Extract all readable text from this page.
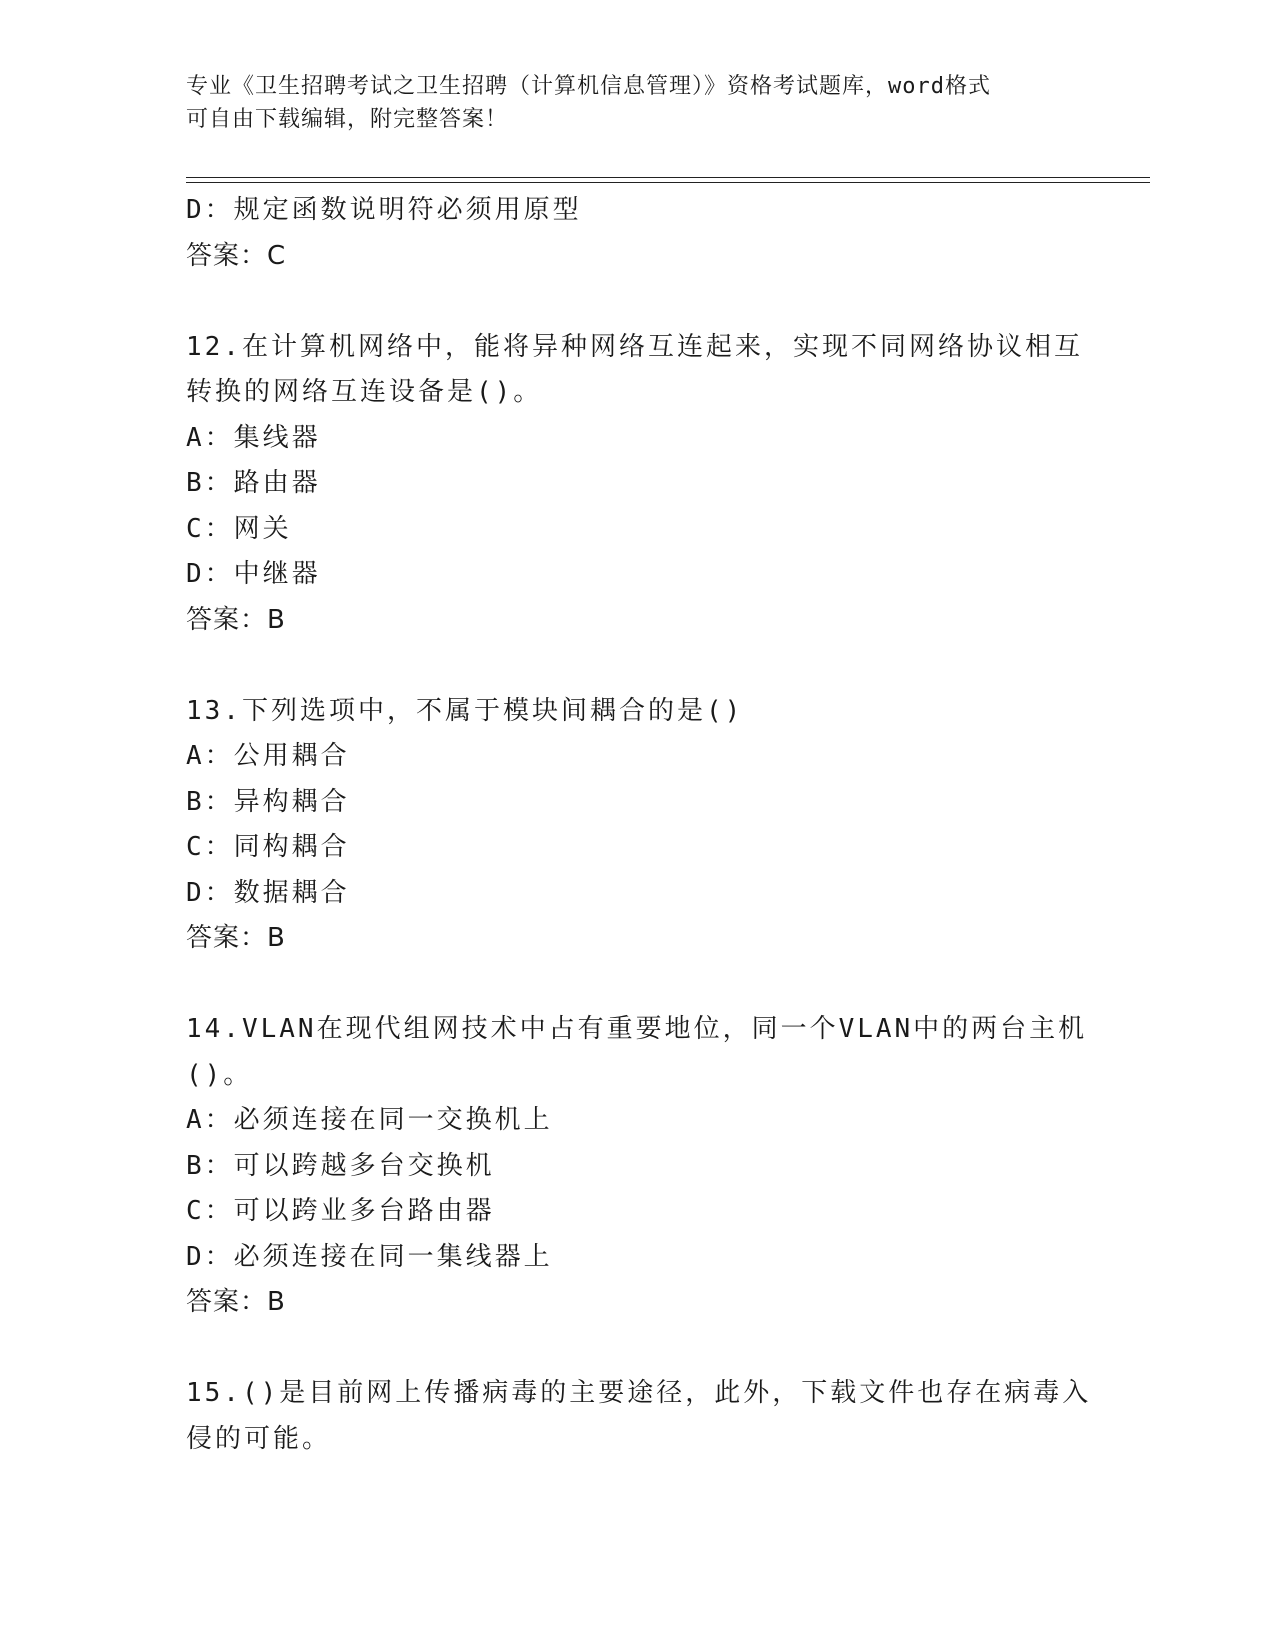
专业《卫生招聘考试之卫生招聘（计算机信息管理）》资格考试题库，word格式
可自由下载编辑，附完整答案！
D：规定函数说明符必须用原型
答案：C
12.在计算机网络中，能将异种网络互连起来，实现不同网络协议相互
转换的网络互连设备是()。
A：集线器
B：路由器
C：网关
D：中继器
答案：B
13.下列选项中，不属于模块间耦合的是()
A：公用耦合
B：异构耦合
C：同构耦合
D：数据耦合
答案：B
14.VLAN在现代组网技术中占有重要地位，同一个VLAN中的两台主机
()。
A：必须连接在同一交换机上
B：可以跨越多台交换机
C：可以跨业多台路由器
D：必须连接在同一集线器上
答案：B
15.()是目前网上传播病毒的主要途径，此外，下载文件也存在病毒入
侵的可能。
